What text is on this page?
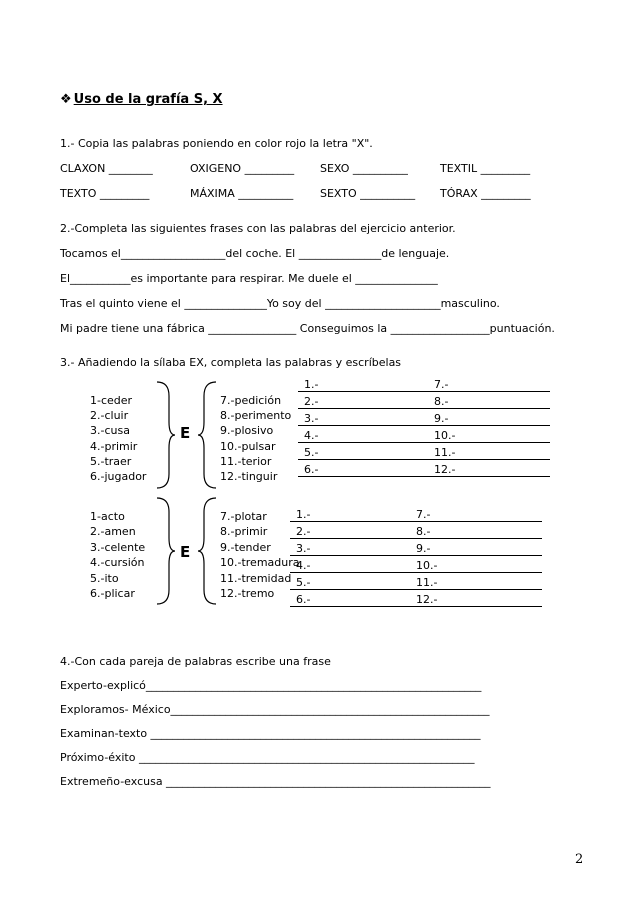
❖ Uso de la grafía S, X
1.- Copia las palabras poniendo en color rojo la letra "X".
CLAXON ________	OXIGENO _________ SEXO __________	TEXTIL _________
TEXTO _________	MÁXIMA __________ SEXTO __________ TÓRAX _________
2.-Completa las siguientes frases con las palabras del ejercicio anterior.
Tocamos el___________________del coche. El _______________de lenguaje.
El___________es importante para respirar. Me duele el _______________
Tras el quinto viene el _______________Yo soy del _____________________masculino.
Mi padre tiene una fábrica ________________ Conseguimos la __________________puntuación.
3.- Añadiendo la sílaba EX, completa las palabras y escríbelas
1-ceder
2.-cluir
3.-cusa
4.-primir
5.-traer
6.-jugador
E
7.-pedición
8.-perimento
9.-plosivo
10.-pulsar
11.-terior
12.-tinguir
1.-	7.-
2.-	8.-
3.-	9.-
4.-	10.-
5.-	11.-
6.-	12.-
1-acto
2.-amen
3.-celente
4.-cursión
5.-ito
6.-plicar
E
7.-plotar
8.-primir
9.-tender
10.-tremadura
11.-tremidad
12.-tremo
1.-	7.-
2.-	8.-
3.-	9.-
4.-	10.-
5.-	11.-
6.-	12.-
4.-Con cada pareja de palabras escribe una frase
Experto-explicó_____________________________________________________________
Exploramos- México__________________________________________________________
Examinan-texto ____________________________________________________________
Próximo-éxito _____________________________________________________________
Extremeño-excusa ___________________________________________________________
2
